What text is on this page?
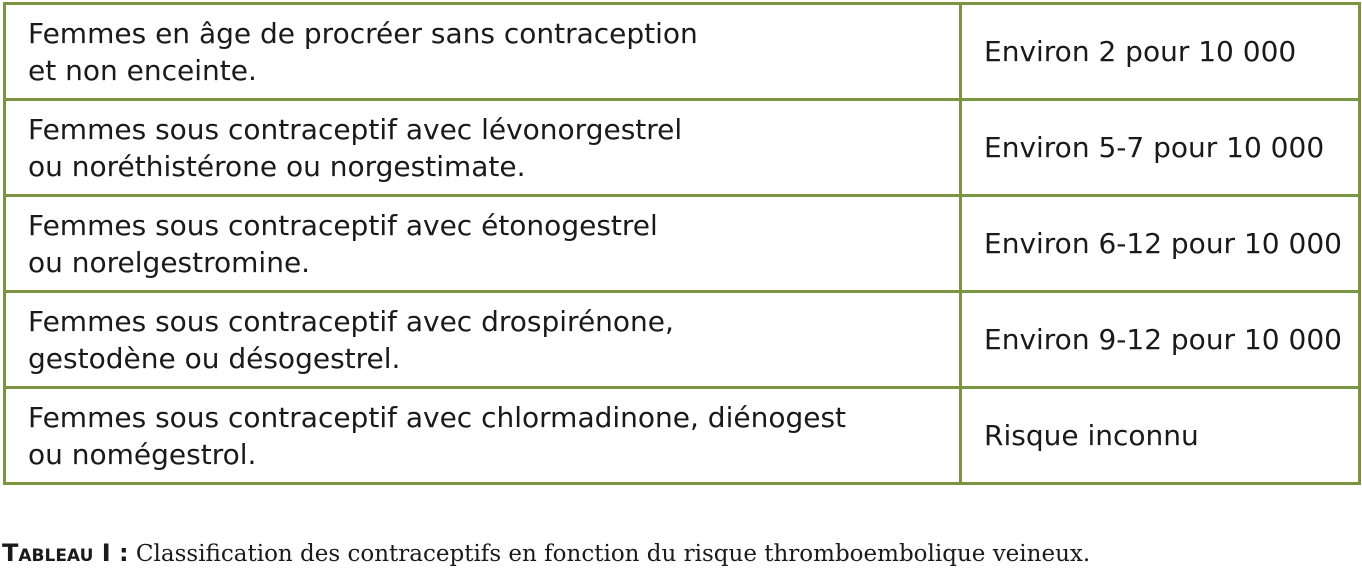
Femmes en âge de procréer sans contraception
et non enceinte.	Environ 2 pour 10 000

Femmes sous contraceptif avec lévonorgestrel
ou noréthistérone ou norgestimate.	Environ 5-7 pour 10 000

Femmes sous contraceptif avec étonogestrel
ou norelgestromine.	Environ 6-12 pour 10 000

Femmes sous contraceptif avec drospirénone,
gestodène ou désogestrel.	Environ 9-12 pour 10 000

Femmes sous contraceptif avec chlormadinone, diénogest
ou nomégestrol.	Risque inconnu
Tableau I : Classification des contraceptifs en fonction du risque thromboembolique veineux.
